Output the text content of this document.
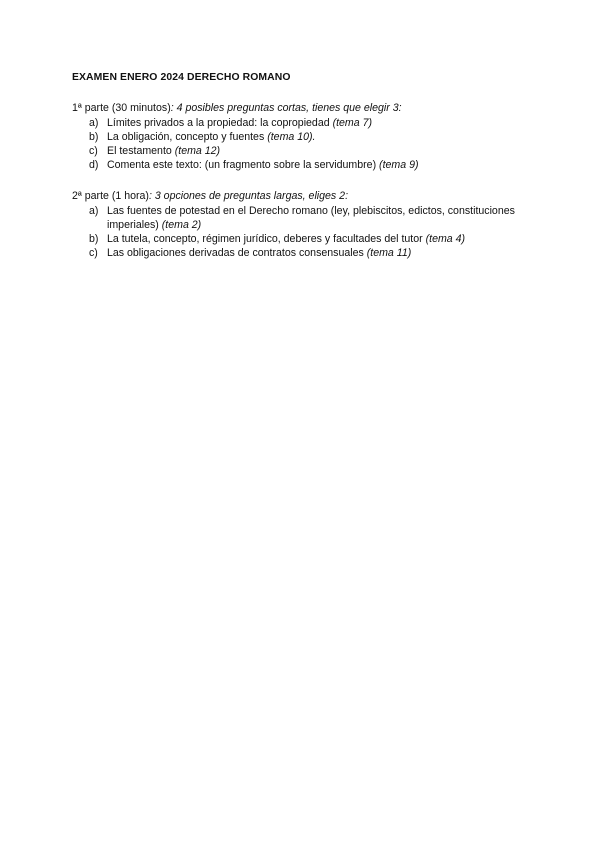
EXAMEN ENERO 2024 DERECHO ROMANO
1ª parte (30 minutos): 4 posibles preguntas cortas, tienes que elegir 3:
a) Límites privados a la propiedad: la copropiedad (tema 7)
b) La obligación, concepto y fuentes (tema 10).
c) El testamento (tema 12)
d) Comenta este texto: (un fragmento sobre la servidumbre) (tema 9)
2ª parte (1 hora): 3 opciones de preguntas largas, eliges 2:
a) Las fuentes de potestad en el Derecho romano (ley, plebiscitos, edictos, constituciones imperiales) (tema 2)
b) La tutela, concepto, régimen jurídico, deberes y facultades del tutor (tema 4)
c) Las obligaciones derivadas de contratos consensuales (tema 11)
